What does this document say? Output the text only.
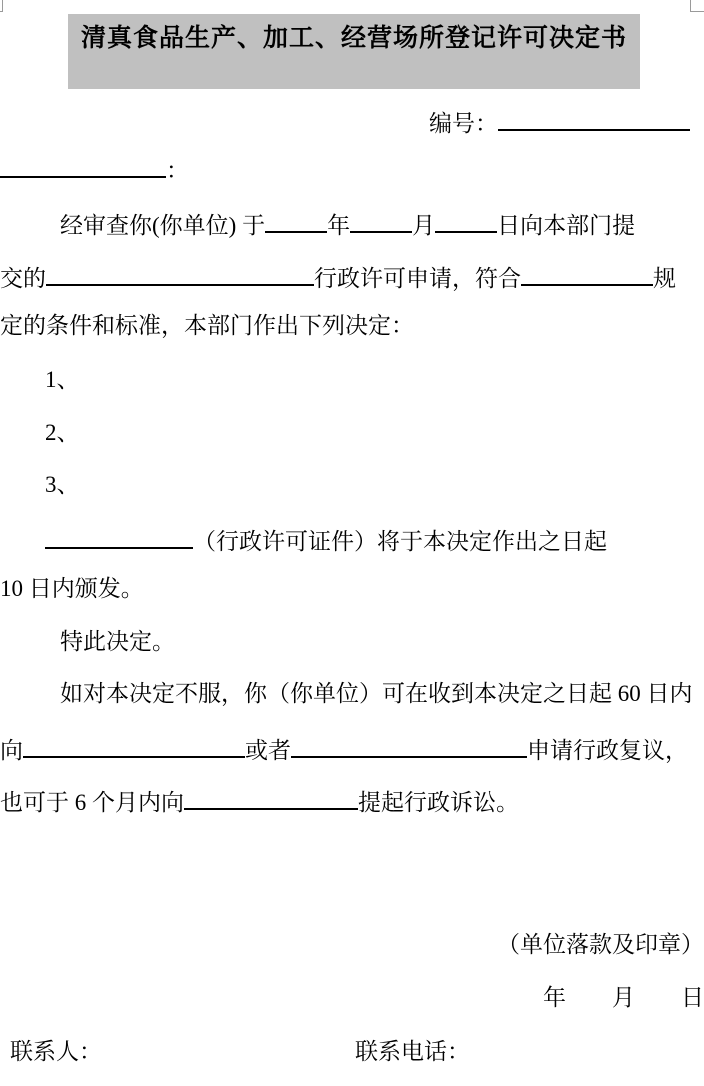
清真食品生产、加工、经营场所登记许可决定书
编号：
：
经审查你(你单位) 于	年	月	日向本部门提
交的	行政许可申请，符合	规
定的条件和标准，本部门作出下列决定：
1、
2、
3、
（行政许可证件）将于本决定作出之日起
10 日内颁发。
特此决定。
如对本决定不服，你（你单位）可在收到本决定之日起 60 日内
向	或者	申请行政复议，
也可于 6 个月内向	提起行政诉讼。
（单位落款及印章）
年　　月　　日
联系人：	联系电话：
